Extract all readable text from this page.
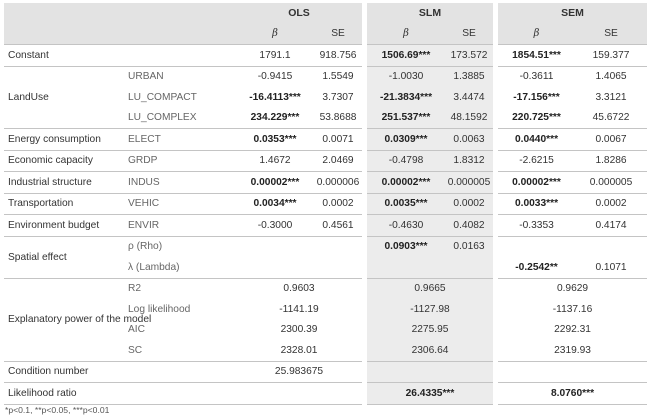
		OLS			SLM			SEM	
		β	SE		β	SE		β	SE
Constant		1791.1	918.756		1506.69***	173.572		1854.51***	159.377
LandUse	URBAN	-0.9415	1.5549		-1.0030	1.3885		-0.3611	1.4065
	LU_COMPACT	-16.4113***	3.7307		-21.3834***	3.4474		-17.156***	3.3121
	LU_COMPLEX	234.229***	53.8688		251.537***	48.1592		220.725***	45.6722
Energy consumption	ELECT	0.0353***	0.0071		0.0309***	0.0063		0.0440***	0.0067
Economic capacity	GRDP	1.4672	2.0469		-0.4798	1.8312		-2.6215	1.8286
Industrial structure	INDUS	0.00002***	0.000006		0.00002***	0.000005		0.00002***	0.000005
Transportation	VEHIC	0.0034***	0.0002		0.0035***	0.0002		0.0033***	0.0002
Environment budget	ENVIR	-0.3000	0.4561		-0.4630	0.4082		-0.3353	0.4174
Spatial effect	ρ (Rho)				0.0903***	0.0163			
	λ (Lambda)							-0.2542**	0.1071
Explanatory power of the model	R2	0.9603			0.9665			0.9629	
	Log likelihood	-1141.19			-1127.98			-1137.16	
	AIC	2300.39			2275.95			2292.31	
	SC	2328.01			2306.64			2319.93	
Condition number		25.983675							
Likelihood ratio					26.4335***			8.0760***	
*p<0.1, **p<0.05, ***p<0.01
